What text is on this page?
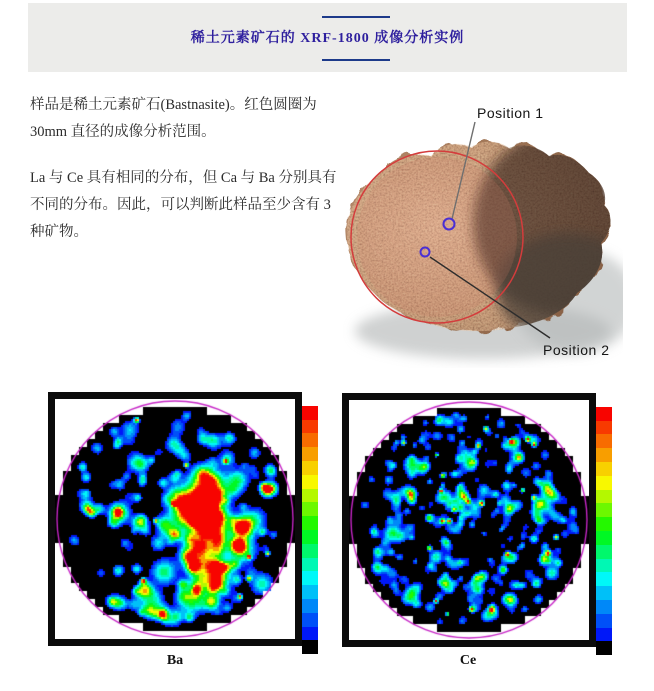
稀土元素矿石的 XRF-1800 成像分析实例
样品是稀土元素矿石(Bastnasite)。红色圆圈为
30mm 直径的成像分析范围。
La 与 Ce 具有相同的分布，但 Ca 与 Ba 分别具有
不同的分布。因此，可以判断此样品至少含有 3
种矿物。
Position 1
Position 2
Ba	Ce
